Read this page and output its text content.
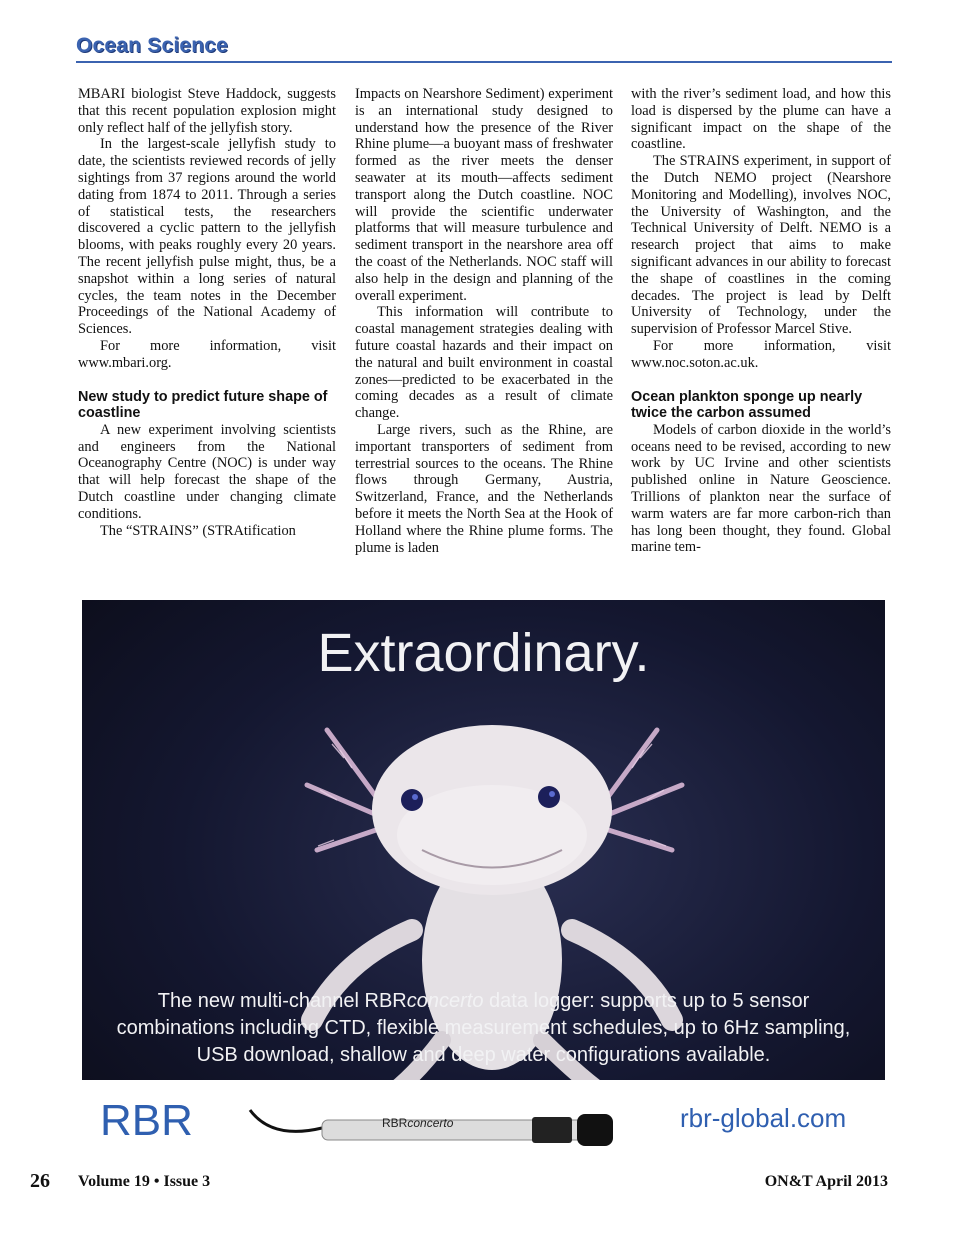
Ocean Science

MBARI biologist Steve Haddock, suggests that this recent population explosion might only reflect half of the jellyfish story.

In the largest-scale jellyfish study to date, the scientists reviewed records of jelly sightings from 37 regions around the world dating from 1874 to 2011. Through a series of statistical tests, the researchers discovered a cyclic pattern to the jellyfish blooms, with peaks roughly every 20 years. The recent jellyfish pulse might, thus, be a snapshot within a long series of natural cycles, the team notes in the December Proceedings of the National Academy of Sciences.

For more information, visit www.mbari.org.

New study to predict future shape of coastline

A new experiment involving scientists and engineers from the National Oceanography Centre (NOC) is under way that will help forecast the shape of the Dutch coastline under changing climate conditions.

The “STRAINS” (STRAtification

Impacts on Nearshore Sediment) experiment is an international study designed to understand how the presence of the River Rhine plume—a buoyant mass of freshwater formed as the river meets the denser seawater at its mouth—affects sediment transport along the Dutch coastline. NOC will provide the scientific underwater platforms that will measure turbulence and sediment transport in the nearshore area off the coast of the Netherlands. NOC staff will also help in the design and planning of the overall experiment.

This information will contribute to coastal management strategies dealing with future coastal hazards and their impact on the natural and built environment in coastal zones—predicted to be exacerbated in the coming decades as a result of climate change.

Large rivers, such as the Rhine, are important transporters of sediment from terrestrial sources to the oceans. The Rhine flows through Germany, Austria, Switzerland, France, and the Netherlands before it meets the North Sea at the Hook of Holland where the Rhine plume forms. The plume is laden

with the river’s sediment load, and how this load is dispersed by the plume can have a significant impact on the shape of the coastline.

The STRAINS experiment, in support of the Dutch NEMO project (Nearshore Monitoring and Modelling), involves NOC, the University of Washington, and the Technical University of Delft. NEMO is a research project that aims to make significant advances in our ability to forecast the shape of coastlines in the coming decades. The project is lead by Delft University of Technology, under the supervision of Professor Marcel Stive.

For more information, visit www.noc.soton.ac.uk.

Ocean plankton sponge up nearly twice the carbon assumed

Models of carbon dioxide in the world’s oceans need to be revised, according to new work by UC Irvine and other scientists published online in Nature Geoscience. Trillions of plankton near the surface of warm waters are far more carbon-rich than has long been thought, they found. Global marine tem-

Extraordinary.
The new multi-channel RBRconcerto data logger: supports up to 5 sensor combinations including CTD, flexible measurement schedules, up to 6Hz sampling, USB download, shallow and deep water configurations available.
RBR	RBRconcerto	rbr-global.com
26 Volume 19 • Issue 3	ON&T April 2013
